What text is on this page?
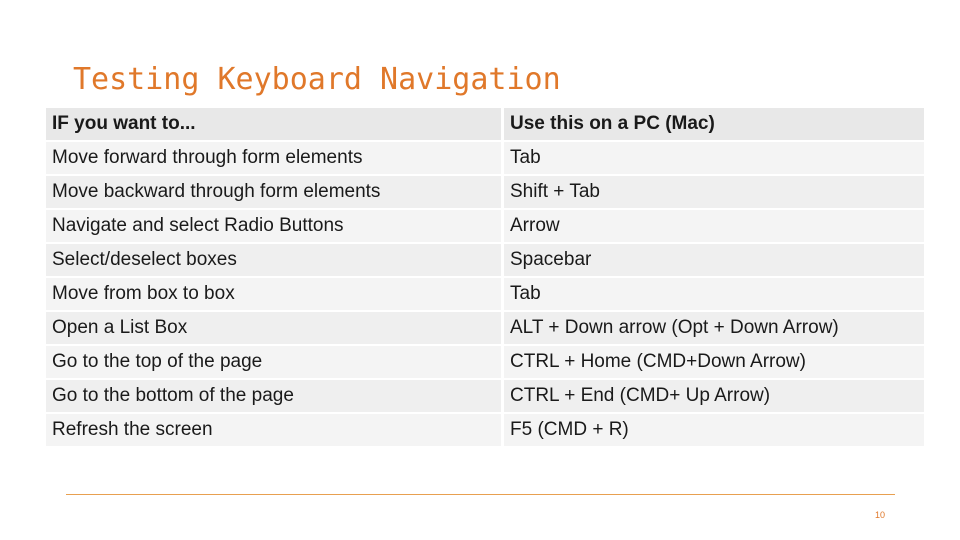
Testing Keyboard Navigation
IF you want to...	Use this on a PC (Mac)
Move forward through form elements	Tab
Move backward through form elements	Shift + Tab
Navigate and select Radio Buttons	Arrow
Select/deselect boxes	Spacebar
Move from box to box	Tab
Open a List Box	ALT + Down arrow (Opt + Down Arrow)
Go to the top of the page	CTRL + Home (CMD+Down Arrow)
Go to the bottom of the page	CTRL + End (CMD+ Up Arrow)
Refresh the screen	F5 (CMD + R)
10
